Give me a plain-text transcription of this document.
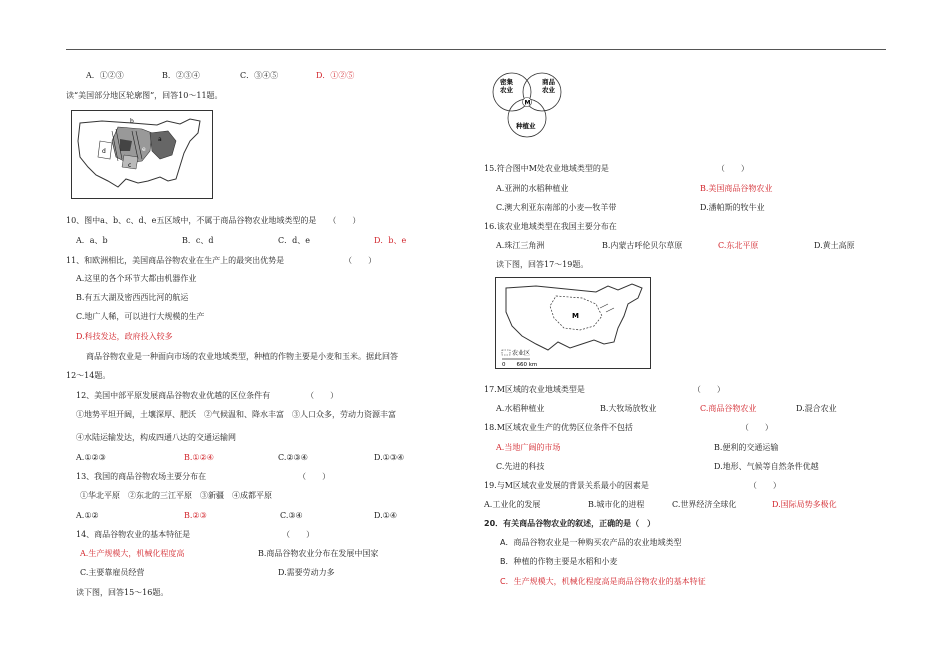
A．①②③	B．②③④	C．③④⑤	D．①②⑤
读“美国部分地区轮廓图”，回答10～11题。
b
a
d	e
c
10、图中a、b、c、d、e五区域中，不属于商品谷物农业地域类型的是　　（　　）
A．a、b	B．c、d	C．d、e	D．b、e
11、和欧洲相比，美国商品谷物农业在生产上的最突出优势是　　　　　　　　（　　）
A.这里的各个环节大都由机器作业
B.有五大湖及密西西比河的航运
C.地广人稀，可以进行大规模的生产
D.科技发达，政府投入较多
商品谷物农业是一种面向市场的农业地域类型，种植的作物主要是小麦和玉米。据此回答
12～14题。
12、美国中部平原发展商品谷物农业优越的区位条件有　　　　　（　　）
①地势平坦开阔，土壤深厚、肥沃　②气候温和、降水丰富　③人口众多，劳动力资源丰富
④水陆运输发达，构成四通八达的交通运输网
A.①②③	B.①②④	C.②③④	D.①③④
13、我国的商品谷物农场主要分布在　　　　　　　　　　　　（　　）
①华北平原　②东北的三江平原　③新疆　④成都平原
A.①②	B.②③	C.③④	D.①④
14、商品谷物农业的基本特征是　　　　　　　　　　　　（　　）
A.生产规模大，机械化程度高	B.商品谷物农业分布在发展中国家
C.主要靠雇员经营	D.需要劳动力多
读下图，回答15～16题。
密集
农业
商品
农业
M
种植业
15.符合图中M处农业地域类型的是　　　　　　　　　　　　　　（　　）
A.亚洲的水稻种植业	B.美国商品谷物农业
C.澳大利亚东南部的小麦—牧羊带	D.潘帕斯的牧牛业
16.该农业地域类型在我国主要分布在
A.珠江三角洲	B.内蒙古呼伦贝尔草原	C.东北平原	D.黄土高原
读下图，回答17～19题。
M
农业区
0　　660 km
17.M区域的农业地域类型是　　　　　　　　　　　　　　（　　）
A.水稻种植业	B.大牧场放牧业	C.商品谷物农业	D.混合农业
18.M区域农业生产的优势区位条件不包括　　　　　　　　　　　　　　（　　）
A.当地广阔的市场	B.便利的交通运输
C.先进的科技	D.地形、气候等自然条件优越
19.与M区域农业发展的背景关系最小的因素是　　　　　　　　　　　　　（　　）
A.工业化的发展	B.城市化的进程	C.世界经济全球化	D.国际局势多极化
20．有关商品谷物农业的叙述，正确的是（　）
A．商品谷物农业是一种购买农产品的农业地域类型
B．种植的作物主要是水稻和小麦
C．生产规模大，机械化程度高是商品谷物农业的基本特征
